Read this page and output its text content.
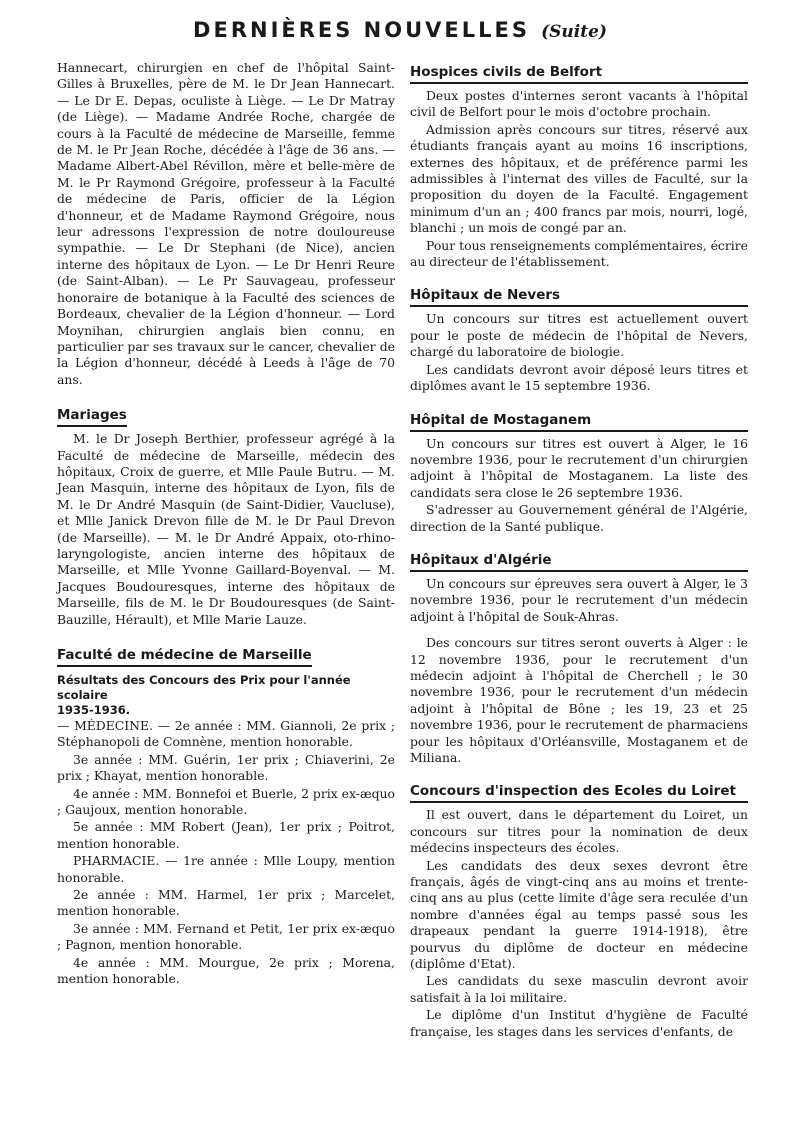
DERNIÈRES NOUVELLES (Suite)

Hannecart, chirurgien en chef de l'hôpital Saint-Gilles à Bruxelles, père de M. le Dr Jean Hannecart. — Le Dr E. Depas, oculiste à Liège. — Le Dr Matray (de Liège). — Madame Andrée Roche, chargée de cours à la Faculté de médecine de Marseille, femme de M. le Pr Jean Roche, décédée à l'âge de 36 ans. — Madame Albert-Abel Révillon, mère et belle-mère de M. le Pr Raymond Grégoire, professeur à la Faculté de médecine de Paris, officier de la Légion d'honneur, et de Madame Raymond Grégoire, nous leur adressons l'expression de notre douloureuse sympathie. — Le Dr Stephani (de Nice), ancien interne des hôpitaux de Lyon. — Le Dr Henri Reure (de Saint-Alban). — Le Pr Sauvageau, professeur honoraire de botanique à la Faculté des sciences de Bordeaux, chevalier de la Légion d'honneur. — Lord Moynihan, chirurgien anglais bien connu, en particulier par ses travaux sur le cancer, chevalier de la Légion d'honneur, décédé à Leeds à l'âge de 70 ans.

Mariages

M. le Dr Joseph Berthier, professeur agrégé à la Faculté de médecine de Marseille, médecin des hôpitaux, Croix de guerre, et Mlle Paule Butru. — M. Jean Masquin, interne des hôpitaux de Lyon, fils de M. le Dr André Masquin (de Saint-Didier, Vaucluse), et Mlle Janick Drevon fille de M. le Dr Paul Drevon (de Marseille). — M. le Dr André Appaix, oto-rhino-laryngologiste, ancien interne des hôpitaux de Marseille, et Mlle Yvonne Gaillard-Boyenval. — M. Jacques Boudouresques, interne des hôpitaux de Marseille, fils de M. le Dr Boudouresques (de Saint-Bauzille, Hérault), et Mlle Marie Lauze.

Faculté de médecine de Marseille
Résultats des Concours des Prix pour l'année scolaire
1935-1936.

— MÉDECINE. — 2e année : MM. Giannoli, 2e prix ; Stéphanopoli de Comnène, mention honorable.

3e année : MM. Guérin, 1er prix ; Chiaverini, 2e prix ; Khayat, mention honorable.

4e année : MM. Bonnefoi et Buerle, 2 prix ex-æquo ; Gaujoux, mention honorable.

5e année : MM Robert (Jean), 1er prix ; Poitrot, mention honorable.

PHARMACIE. — 1re année : Mlle Loupy, mention honorable.

2e année : MM. Harmel, 1er prix ; Marcelet, mention honorable.

3e année : MM. Fernand et Petit, 1er prix ex-æquo ; Pagnon, mention honorable.

4e année : MM. Mourgue, 2e prix ; Morena, mention honorable.

Hospices civils de Belfort

Deux postes d'internes seront vacants à l'hôpital civil de Belfort pour le mois d'octobre prochain.

Admission après concours sur titres, réservé aux étudiants français ayant au moins 16 inscriptions, externes des hôpitaux, et de préférence parmi les admissibles à l'internat des villes de Faculté, sur la proposition du doyen de la Faculté. Engagement minimum d'un an ; 400 francs par mois, nourri, logé, blanchi ; un mois de congé par an.

Pour tous renseignements complémentaires, écrire au directeur de l'établissement.

Hôpitaux de Nevers

Un concours sur titres est actuellement ouvert pour le poste de médecin de l'hôpital de Nevers, chargé du laboratoire de biologie.

Les candidats devront avoir déposé leurs titres et diplômes avant le 15 septembre 1936.

Hôpital de Mostaganem

Un concours sur titres est ouvert à Alger, le 16 novembre 1936, pour le recrutement d'un chirurgien adjoint à l'hôpital de Mostaganem. La liste des candidats sera close le 26 septembre 1936.

S'adresser au Gouvernement général de l'Algérie, direction de la Santé publique.

Hôpitaux d'Algérie

Un concours sur épreuves sera ouvert à Alger, le 3 novembre 1936, pour le recrutement d'un médecin adjoint à l'hôpital de Souk-Ahras.

Des concours sur titres seront ouverts à Alger : le 12 novembre 1936, pour le recrutement d'un médecin adjoint à l'hôpital de Cherchell ; le 30 novembre 1936, pour le recrutement d'un médecin adjoint à l'hôpital de Bône ; les 19, 23 et 25 novembre 1936, pour le recrutement de pharmaciens pour les hôpitaux d'Orléansville, Mostaganem et de Miliana.

Concours d'inspection des Ecoles du Loiret

Il est ouvert, dans le département du Loiret, un concours sur titres pour la nomination de deux médecins inspecteurs des écoles.

Les candidats des deux sexes devront être français, âgés de vingt-cinq ans au moins et trente-cinq ans au plus (cette limite d'âge sera reculée d'un nombre d'années égal au temps passé sous les drapeaux pendant la guerre 1914-1918), être pourvus du diplôme de docteur en médecine (diplôme d'Etat).

Les candidats du sexe masculin devront avoir satisfait à la loi militaire.

Le diplôme d'un Institut d'hygiène de Faculté française, les stages dans les services d'enfants, de
